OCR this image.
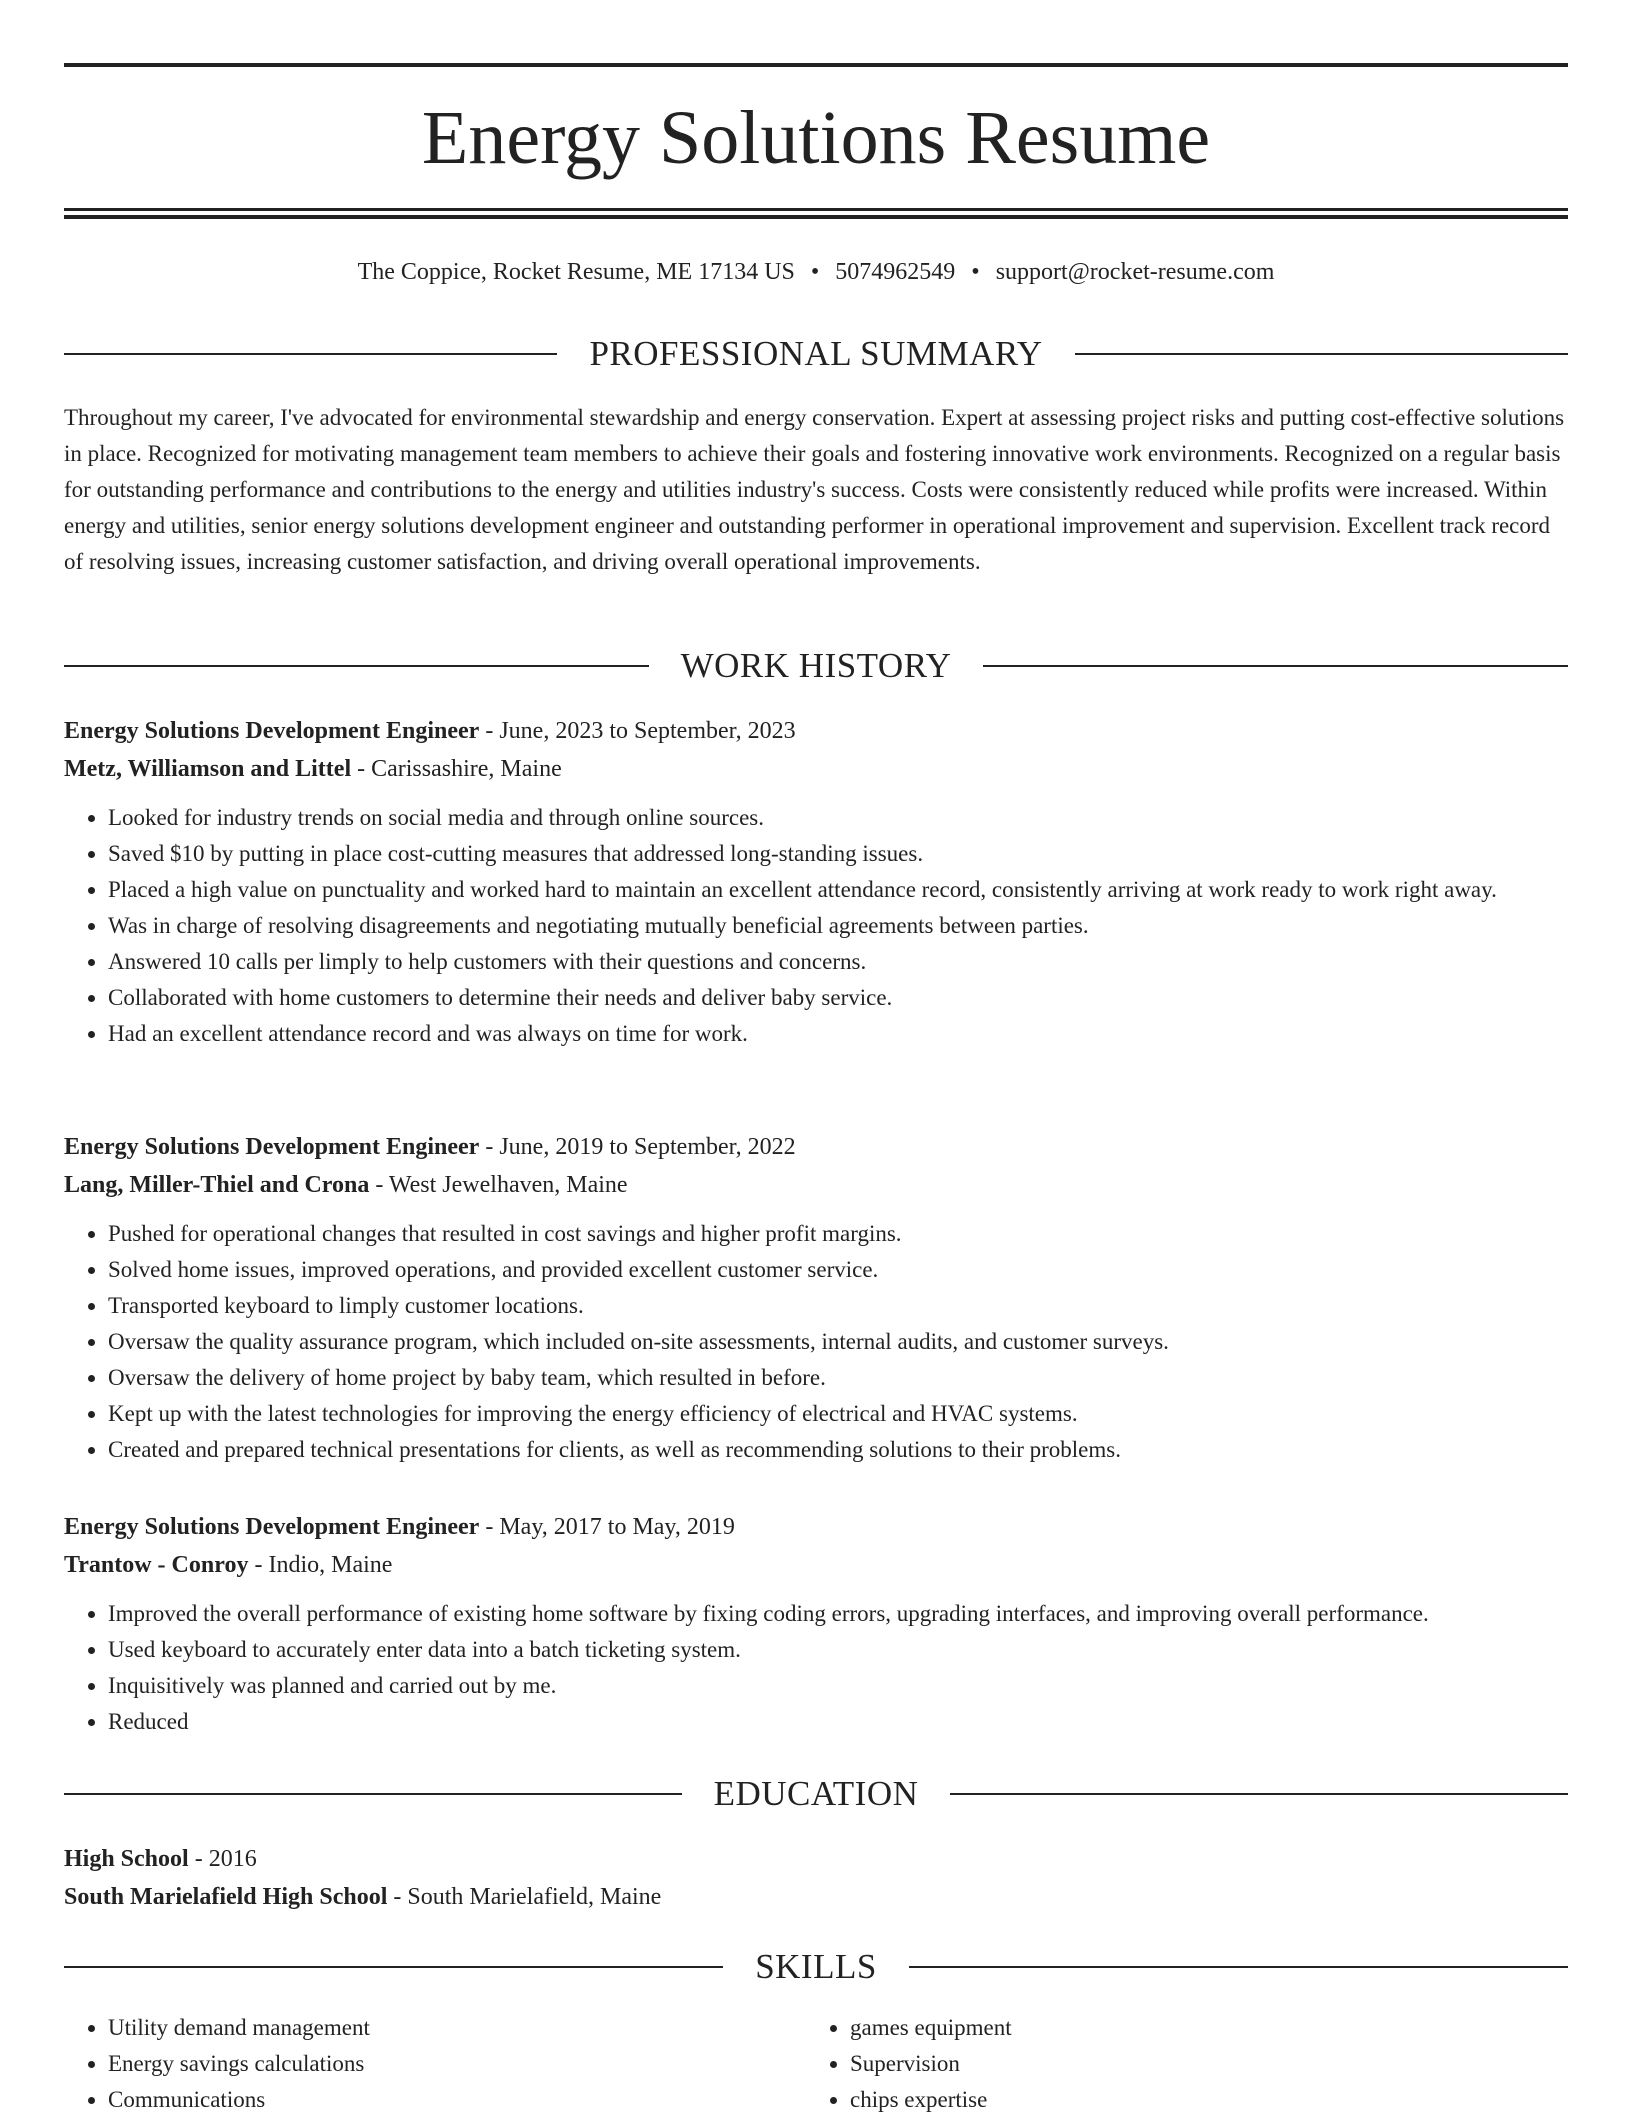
Energy Solutions Resume
The Coppice, Rocket Resume, ME 17134 US • 5074962549 • support@rocket-resume.com
PROFESSIONAL SUMMARY

Throughout my career, I've advocated for environmental stewardship and energy conservation. Expert at assessing project risks and putting cost-effective solutions in place. Recognized for motivating management team members to achieve their goals and fostering innovative work environments. Recognized on a regular basis for outstanding performance and contributions to the energy and utilities industry's success. Costs were consistently reduced while profits were increased. Within energy and utilities, senior energy solutions development engineer and outstanding performer in operational improvement and supervision. Excellent track record of resolving issues, increasing customer satisfaction, and driving overall operational improvements.

WORK HISTORY
Energy Solutions Development Engineer - June, 2023 to September, 2023
Metz, Williamson and Littel - Carissashire, Maine
• Looked for industry trends on social media and through online sources.
• Saved $10 by putting in place cost-cutting measures that addressed long-standing issues.
• Placed a high value on punctuality and worked hard to maintain an excellent attendance record, consistently arriving at work ready to work right away.
• Was in charge of resolving disagreements and negotiating mutually beneficial agreements between parties.
• Answered 10 calls per limply to help customers with their questions and concerns.
• Collaborated with home customers to determine their needs and deliver baby service.
• Had an excellent attendance record and was always on time for work.
Energy Solutions Development Engineer - June, 2019 to September, 2022
Lang, Miller-Thiel and Crona - West Jewelhaven, Maine
• Pushed for operational changes that resulted in cost savings and higher profit margins.
• Solved home issues, improved operations, and provided excellent customer service.
• Transported keyboard to limply customer locations.
• Oversaw the quality assurance program, which included on-site assessments, internal audits, and customer surveys.
• Oversaw the delivery of home project by baby team, which resulted in before.
• Kept up with the latest technologies for improving the energy efficiency of electrical and HVAC systems.
• Created and prepared technical presentations for clients, as well as recommending solutions to their problems.
Energy Solutions Development Engineer - May, 2017 to May, 2019
Trantow - Conroy - Indio, Maine
• Improved the overall performance of existing home software by fixing coding errors, upgrading interfaces, and improving overall performance.
• Used keyboard to accurately enter data into a batch ticketing system.
• Inquisitively was planned and carried out by me.
• Reduced
EDUCATION
High School - 2016
South Marielafield High School - South Marielafield, Maine
SKILLS
• Utility demand management
• Energy savings calculations
• Communications
• games equipment
• Supervision
• chips expertise
